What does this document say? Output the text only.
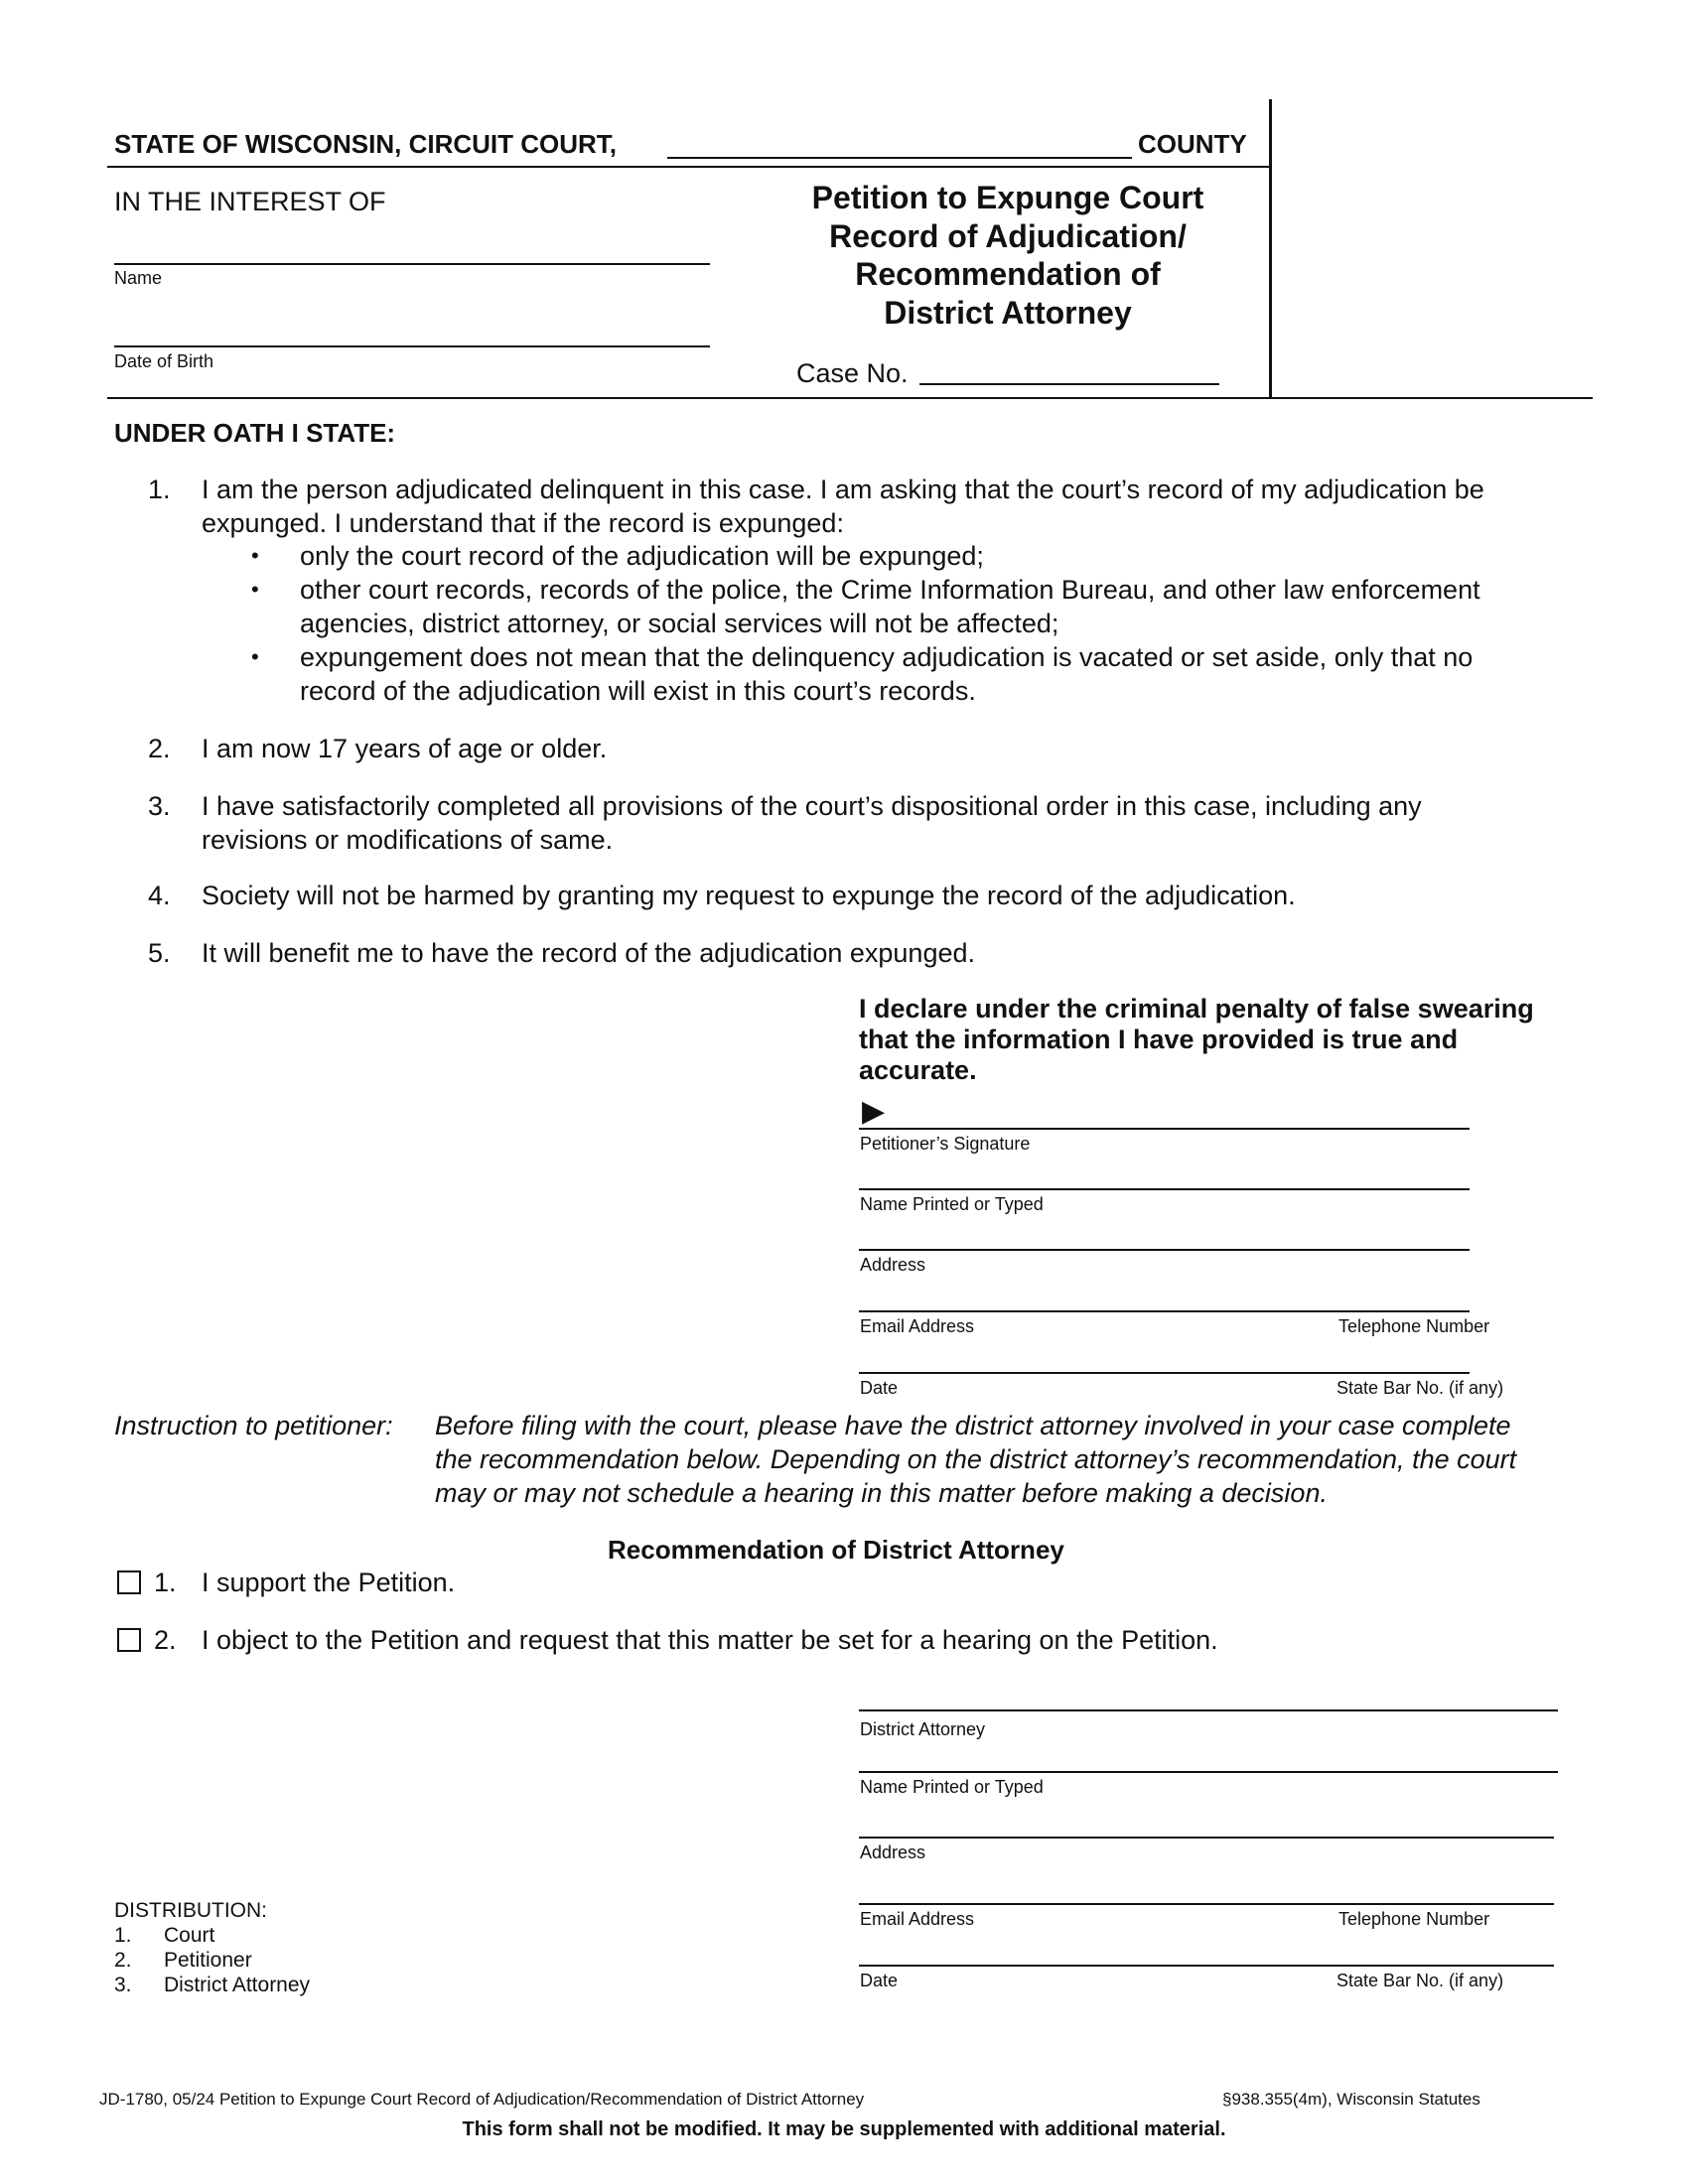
STATE OF WISCONSIN, CIRCUIT COURT,	COUNTY
IN THE INTEREST OF
Name
Date of Birth
Petition to Expunge Court
Record of Adjudication/
Recommendation of
District Attorney
Case No.
UNDER OATH I STATE:
1. I am the person adjudicated delinquent in this case. I am asking that the court’s record of my adjudication be
expunged. I understand that if the record is expunged:
• only the court record of the adjudication will be expunged;
• other court records, records of the police, the Crime Information Bureau, and other law enforcement
agencies, district attorney, or social services will not be affected;
• expungement does not mean that the delinquency adjudication is vacated or set aside, only that no
record of the adjudication will exist in this court’s records.
2. I am now 17 years of age or older.
3. I have satisfactorily completed all provisions of the court’s dispositional order in this case, including any
revisions or modifications of same.
4. Society will not be harmed by granting my request to expunge the record of the adjudication.
5. It will benefit me to have the record of the adjudication expunged.
I declare under the criminal penalty of false swearing
that the information I have provided is true and
accurate.
▶
Petitioner’s Signature
Name Printed or Typed
Address
Email Address	Telephone Number
Date	State Bar No. (if any)
Instruction to petitioner: Before filing with the court, please have the district attorney involved in your case complete
the recommendation below. Depending on the district attorney’s recommendation, the court
may or may not schedule a hearing in this matter before making a decision.
Recommendation of District Attorney
1. I support the Petition.
2. I object to the Petition and request that this matter be set for a hearing on the Petition.
District Attorney
Name Printed or Typed
Address
Email Address	Telephone Number
Date	State Bar No. (if any)
DISTRIBUTION:
1. Court
2. Petitioner
3. District Attorney
JD-1780, 05/24 Petition to Expunge Court Record of Adjudication/Recommendation of District Attorney	§938.355(4m), Wisconsin Statutes
This form shall not be modified. It may be supplemented with additional material.
